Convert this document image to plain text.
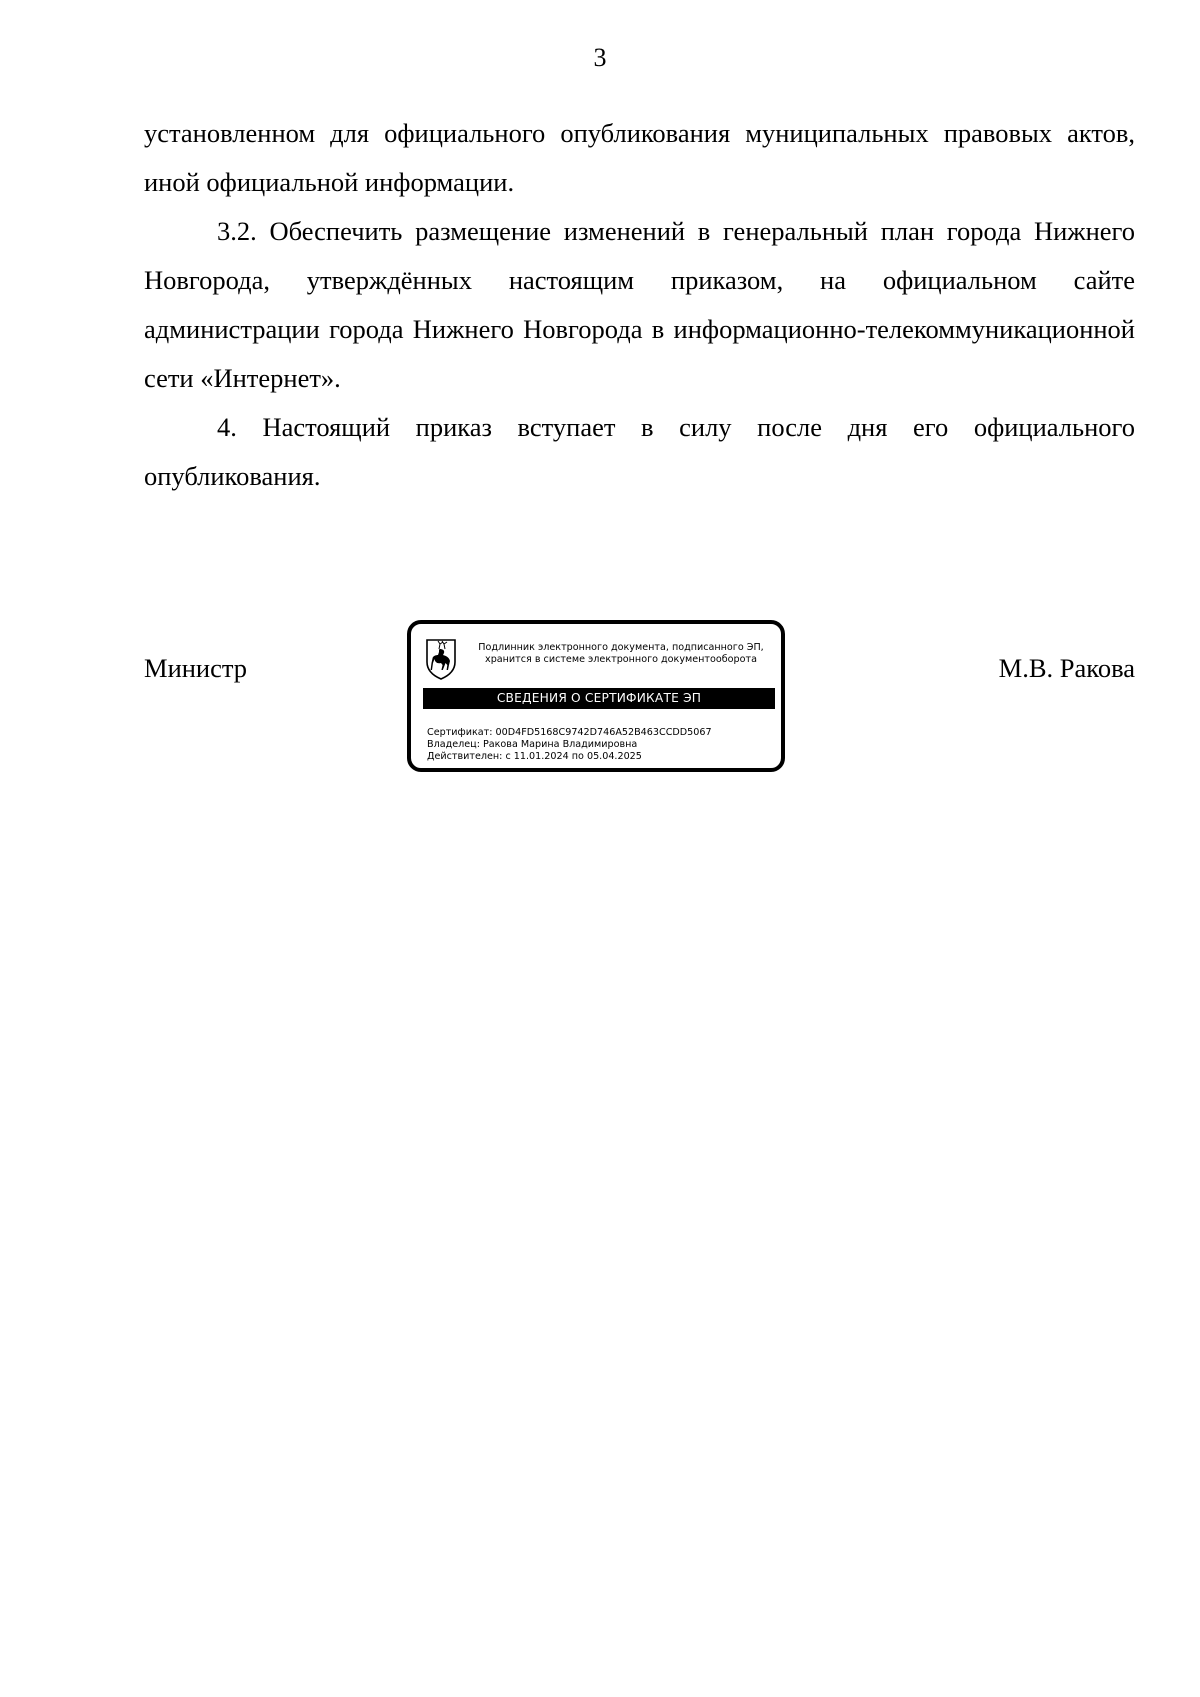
3

установленном для официального опубликования муниципальных правовых актов, иной официальной информации.

3.2. Обеспечить размещение изменений в генеральный план города Нижнего Новгорода, утверждённых настоящим приказом, на официальном сайте администрации города Нижнего Новгорода в информационно-телекоммуникационной сети «Интернет».

4. Настоящий приказ вступает в силу после дня его официального опубликования.

Министр
Подлинник электронного документа, подписанного ЭП,
хранится в системе электронного документооборота
СВЕДЕНИЯ О СЕРТИФИКАТЕ ЭП
Сертификат: 00D4FD5168C9742D746A52B463CCDD5067
Владелец: Ракова Марина Владимировна
Действителен: с 11.01.2024 по 05.04.2025
М.В. Ракова
